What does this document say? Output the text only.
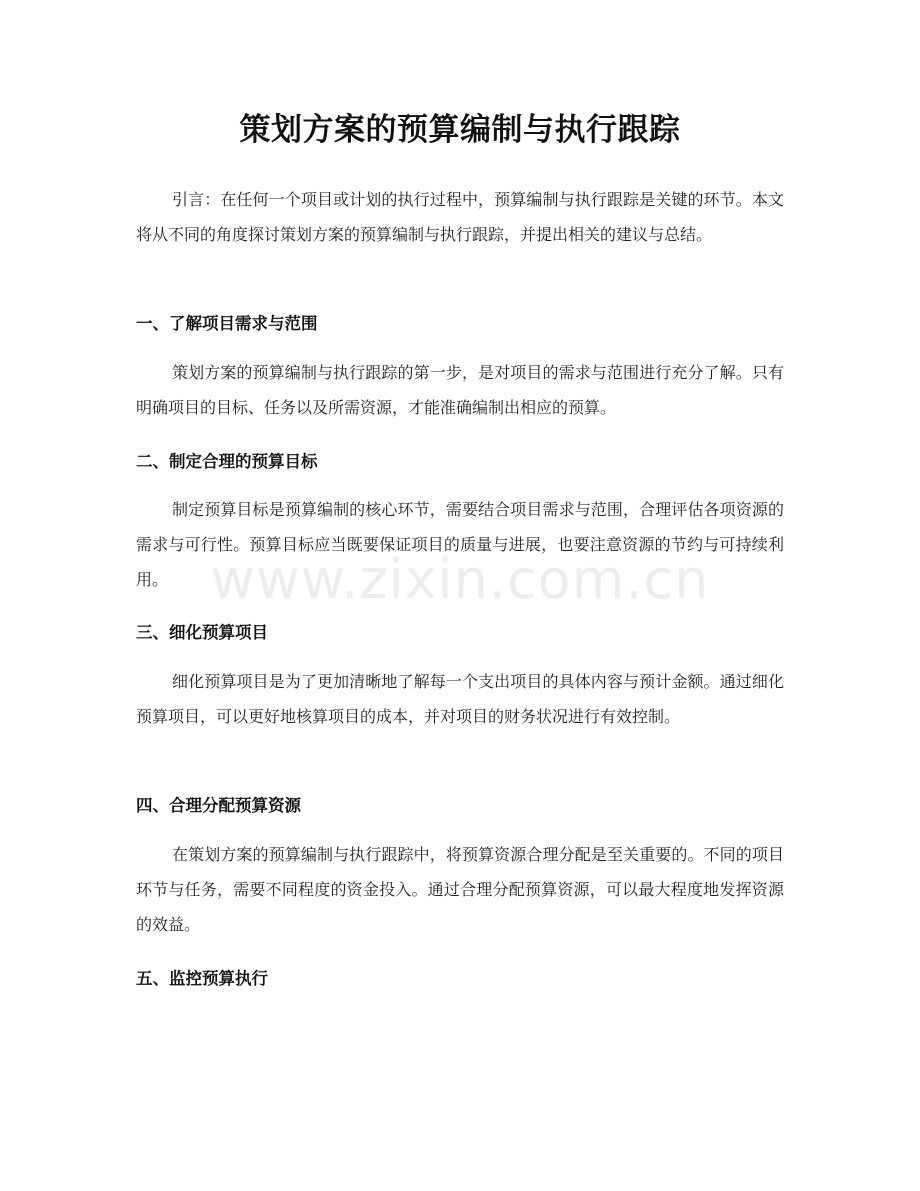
策划方案的预算编制与执行跟踪

引言：在任何一个项目或计划的执行过程中，预算编制与执行跟踪是关键的环节。本文将从不同的角度探讨策划方案的预算编制与执行跟踪，并提出相关的建议与总结。

一、了解项目需求与范围

策划方案的预算编制与执行跟踪的第一步，是对项目的需求与范围进行充分了解。只有明确项目的目标、任务以及所需资源，才能准确编制出相应的预算。

二、制定合理的预算目标

制定预算目标是预算编制的核心环节，需要结合项目需求与范围，合理评估各项资源的需求与可行性。预算目标应当既要保证项目的质量与进展，也要注意资源的节约与可持续利用。

三、细化预算项目

细化预算项目是为了更加清晰地了解每一个支出项目的具体内容与预计金额。通过细化预算项目，可以更好地核算项目的成本，并对项目的财务状况进行有效控制。

四、合理分配预算资源

在策划方案的预算编制与执行跟踪中，将预算资源合理分配是至关重要的。不同的项目环节与任务，需要不同程度的资金投入。通过合理分配预算资源，可以最大程度地发挥资源的效益。

五、监控预算执行
www.zixin.com.cn
